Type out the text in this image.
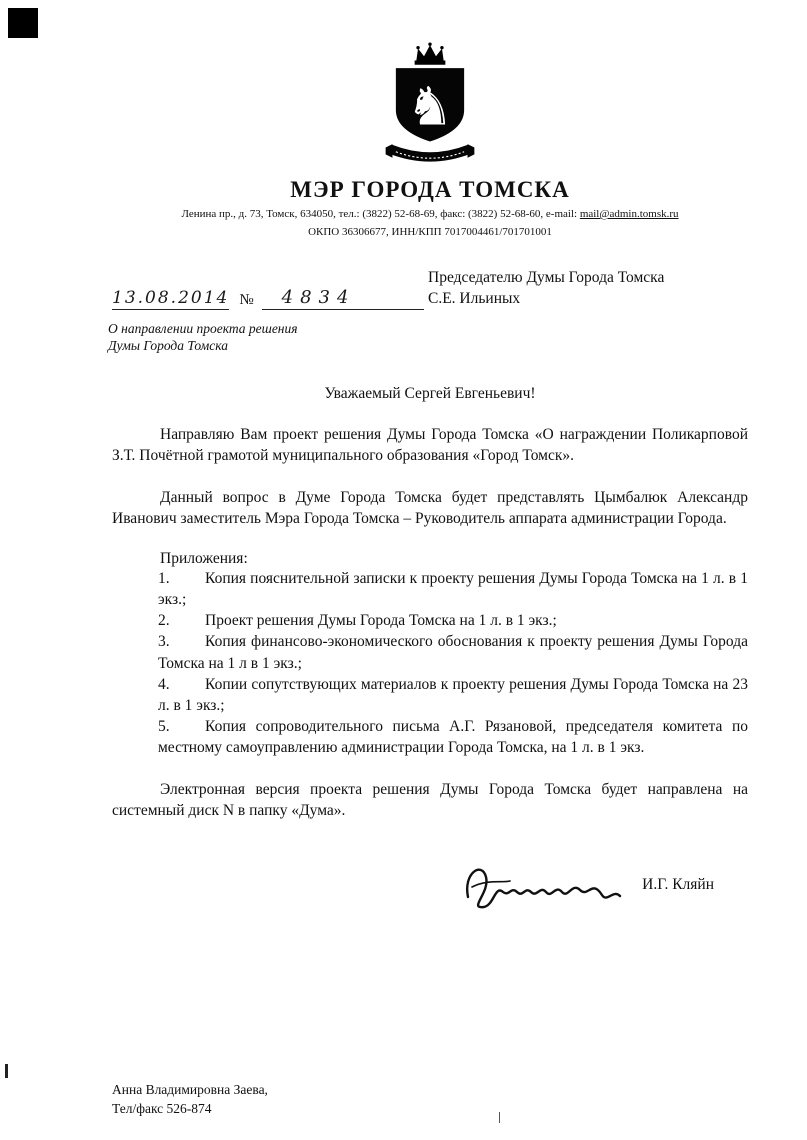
♞
МЭР ГОРОДА ТОМСКА
Ленина пр., д. 73, Томск, 634050, тел.: (3822) 52-68-69, факс: (3822) 52-68-60, e-mail: mail@admin.tomsk.ru
ОКПО 36306677, ИНН/КПП 7017004461/701701001
13.08.2014 №	4834
Председателю Думы Города Томска
С.Е. Ильиных
О направлении проекта решения
Думы Города Томска
Уважаемый Сергей Евгеньевич!
Направляю Вам проект решения Думы Города Томска «О награждении Поликарповой З.Т. Почётной грамотой муниципального образования «Город Томск».
Данный вопрос в Думе Города Томска будет представлять Цымбалюк Александр Иванович заместитель Мэра Города Томска – Руководитель аппарата администрации Города.
Приложения:
1. Копия пояснительной записки к проекту решения Думы Города Томска на 1 л. в 1 экз.;
2. Проект решения Думы Города Томска на 1 л. в 1 экз.;
3. Копия финансово-экономического обоснования к проекту решения Думы Города Томска на 1 л в 1 экз.;
4. Копии сопутствующих материалов к проекту решения Думы Города Томска на 23 л. в 1 экз.;
5. Копия сопроводительного письма А.Г. Рязановой, председателя комитета по местному самоуправлению администрации Города Томска, на 1 л. в 1 экз.
Электронная версия проекта решения Думы Города Томска будет направлена на системный диск N в папку «Дума».
И.Г. Кляйн
Анна Владимировна Заева,
Тел/факс 526-874
